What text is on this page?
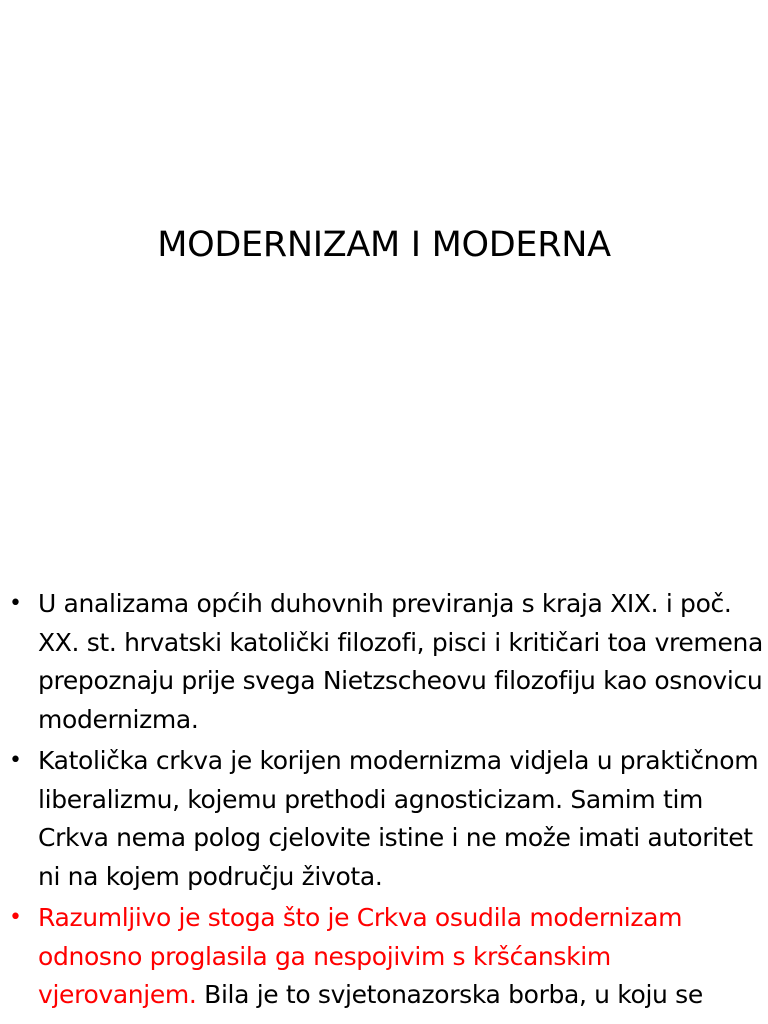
MODERNIZAM I MODERNA
• U analizama općih duhovnih previranja s kraja XIX. i poč. XX. st. hrvatski katolički filozofi, pisci i kritičari toa vremena prepoznaju prije svega Nietzscheovu filozofiju kao osnovicu modernizma.
• Katolička crkva je korijen modernizma vidjela u praktičnom liberalizmu, kojemu prethodi agnosticizam. Samim tim Crkva nema polog cjelovite istine i ne može imati autoritet ni na kojem području života.
• Razumljivo je stoga što je Crkva osudila modernizam odnosno proglasila ga nespojivim s kršćanskim vjerovanjem. Bila je to svjetonazorska borba, u koju se
